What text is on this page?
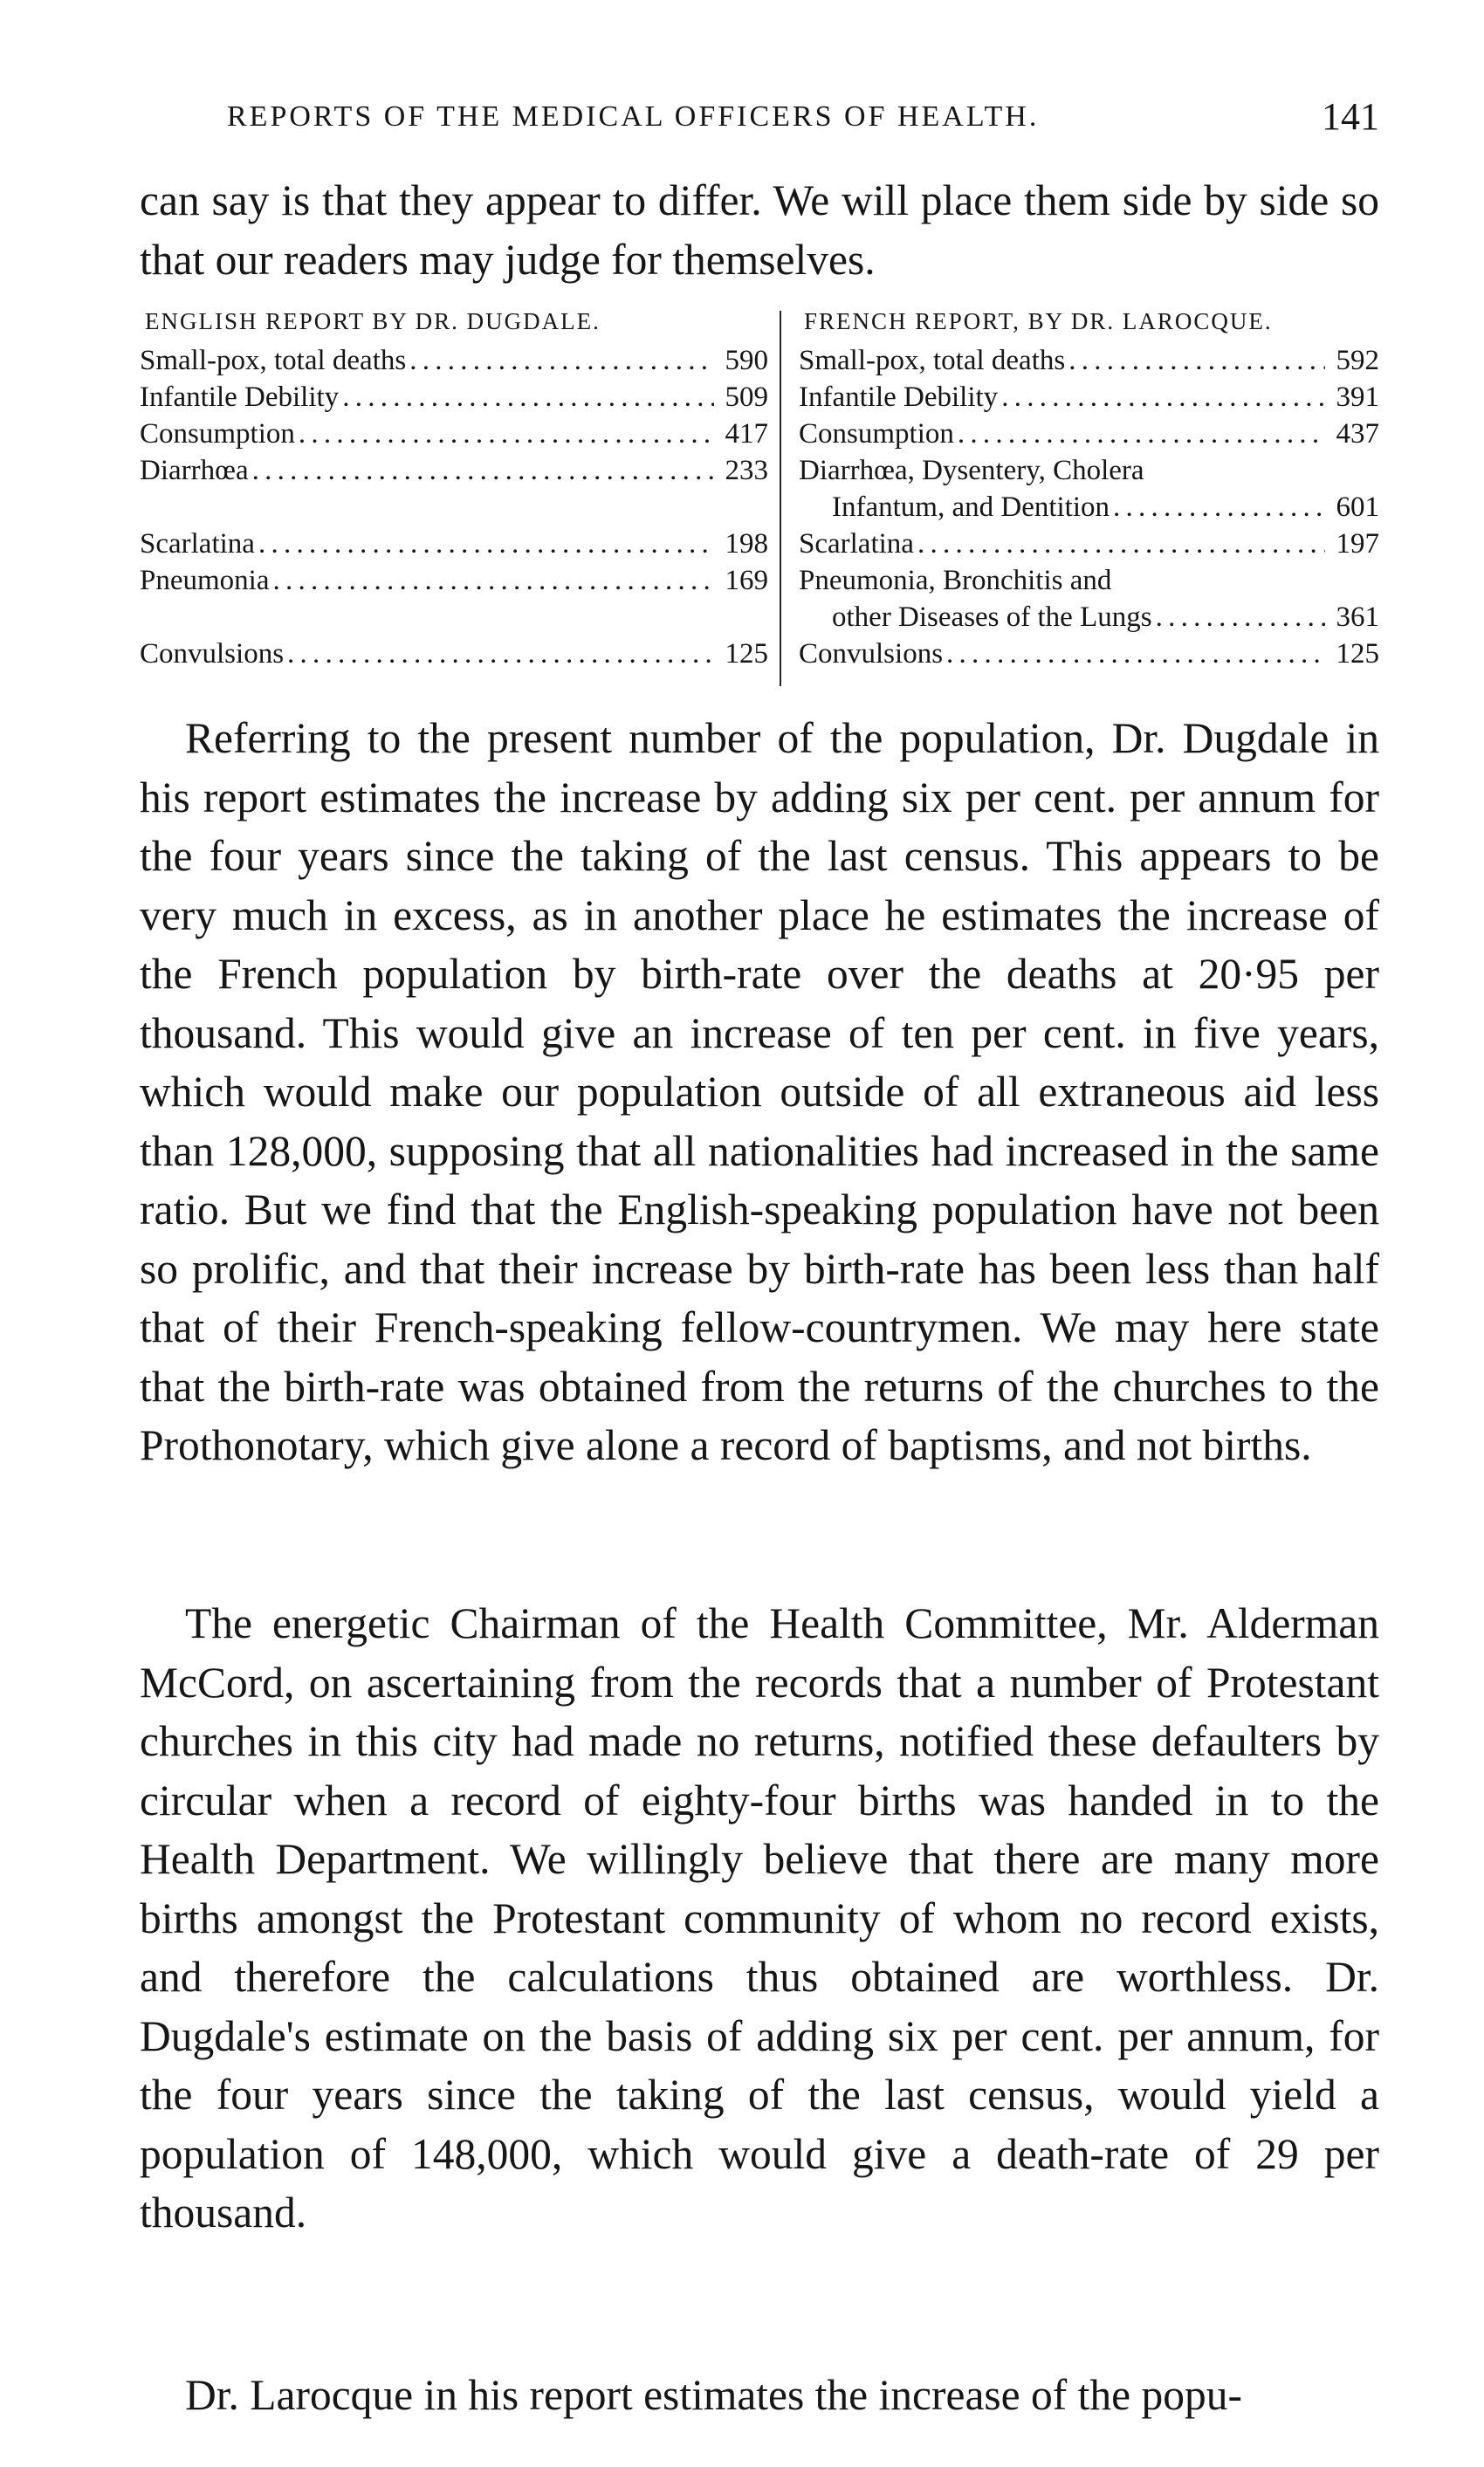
REPORTS OF THE MEDICAL OFFICERS OF HEALTH.	141

can say is that they appear to differ. We will place them side by side so that our readers may judge for themselves.

ENGLISH REPORT BY DR. DUGDALE.
Small-pox, total deaths . . .	590
Infantile Debility . . .	509
Consumption . . .	417
Diarrhœa . . .	233
Scarlatina . . .	198
Pneumonia . . .	169
Convulsions . . .	125
FRENCH REPORT, BY DR. LAROCQUE.
Small-pox, total deaths . . .	592
Infantile Debility . . .	391
Consumption . . .	437
Diarrhœa, Dysentery, Cholera
Infantum, and Dentition . . .	601
Scarlatina . . .	197
Pneumonia, Bronchitis and
other Diseases of the Lungs . . .	361
Convulsions . . .	125

Referring to the present number of the population, Dr. Dugdale in his report estimates the increase by adding six per cent. per annum for the four years since the taking of the last census. This appears to be very much in excess, as in another place he estimates the increase of the French population by birth-rate over the deaths at 20·95 per thousand. This would give an increase of ten per cent. in five years, which would make our population outside of all extraneous aid less than 128,000, supposing that all nationalities had increased in the same ratio. But we find that the English-speaking population have not been so prolific, and that their increase by birth-rate has been less than half that of their French-speaking fellow-countrymen. We may here state that the birth-rate was obtained from the returns of the churches to the Prothonotary, which give alone a record of baptisms, and not births.

The energetic Chairman of the Health Committee, Mr. Alderman McCord, on ascertaining from the records that a number of Protestant churches in this city had made no returns, notified these defaulters by circular when a record of eighty-four births was handed in to the Health Department. We willingly believe that there are many more births amongst the Protestant community of whom no record exists, and therefore the calculations thus obtained are worthless. Dr. Dugdale's estimate on the basis of adding six per cent. per annum, for the four years since the taking of the last census, would yield a population of 148,000, which would give a death-rate of 29 per thousand.

Dr. Larocque in his report estimates the increase of the popu-
